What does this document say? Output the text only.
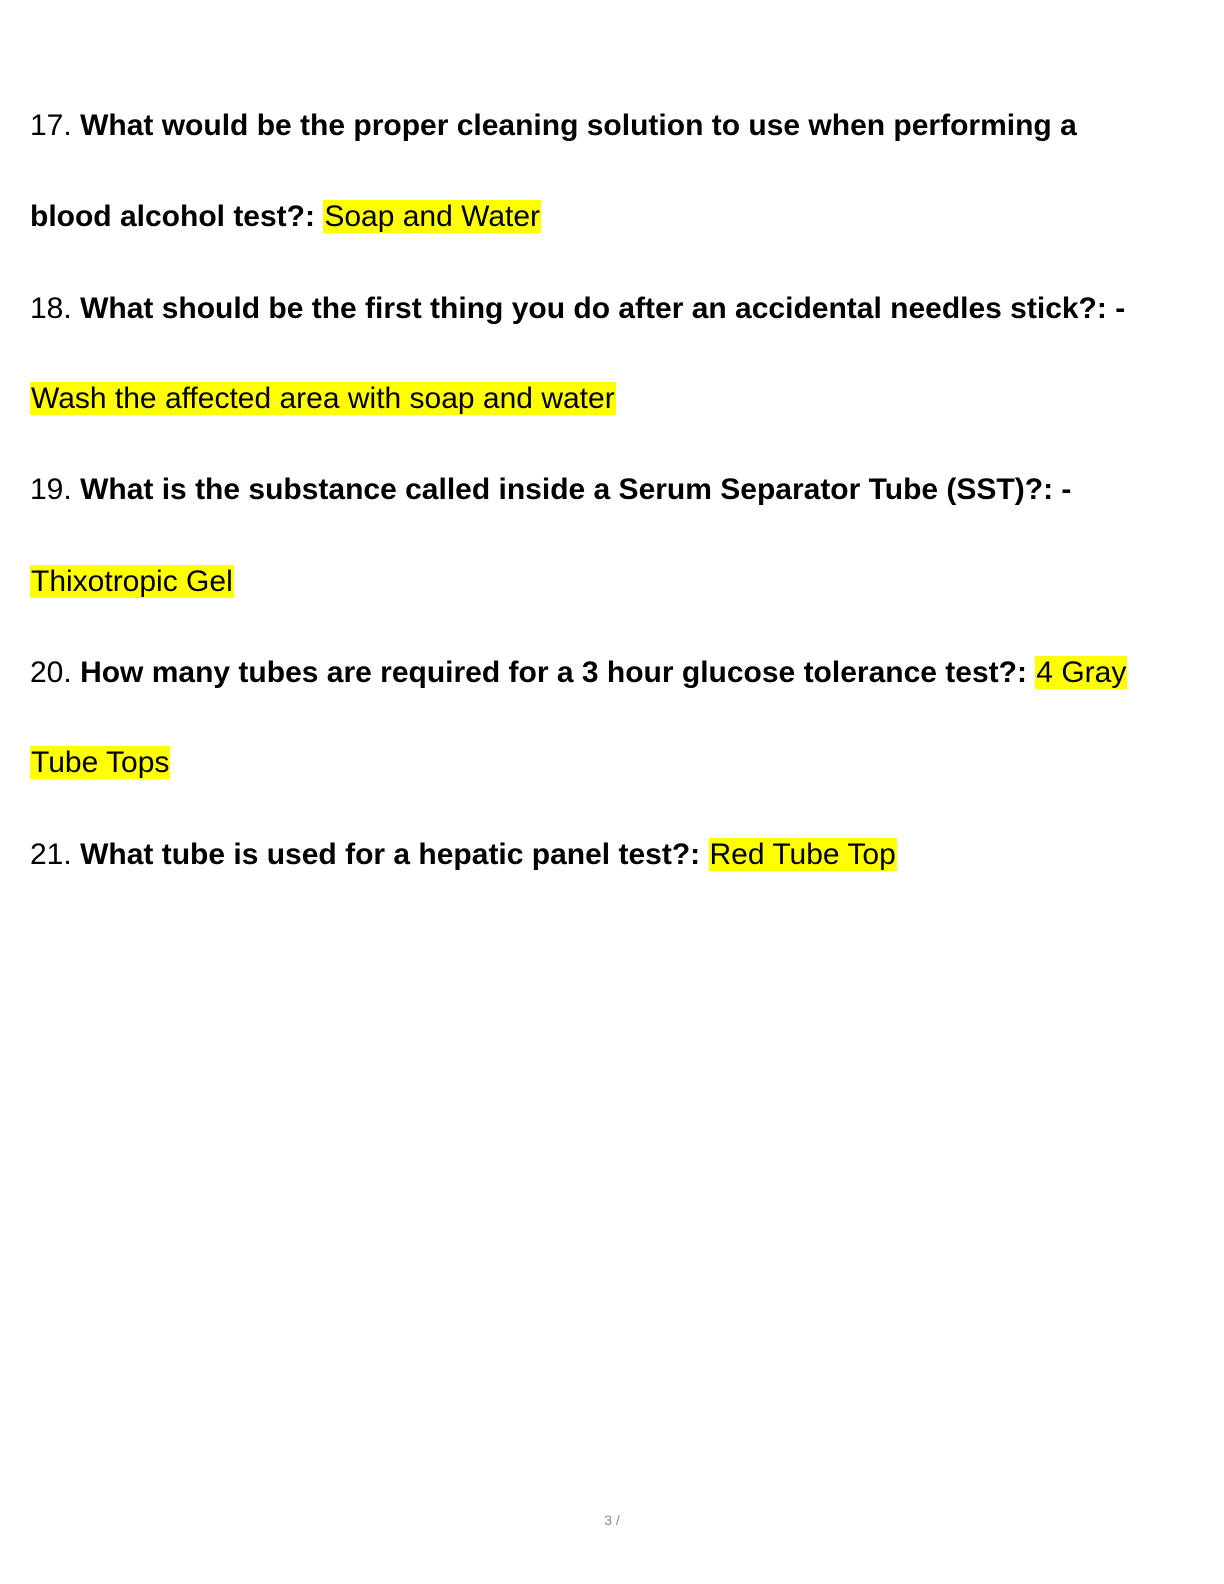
17. What would be the proper cleaning solution to use when performing a
blood alcohol test?: Soap and Water
18. What should be the first thing you do after an accidental needles stick?: -
Wash the affected area with soap and water
19. What is the substance called inside a Serum Separator Tube (SST)?: -
Thixotropic Gel
20. How many tubes are required for a 3 hour glucose tolerance test?: 4 Gray
Tube Tops
21. What tube is used for a hepatic panel test?: Red Tube Top
3 /
